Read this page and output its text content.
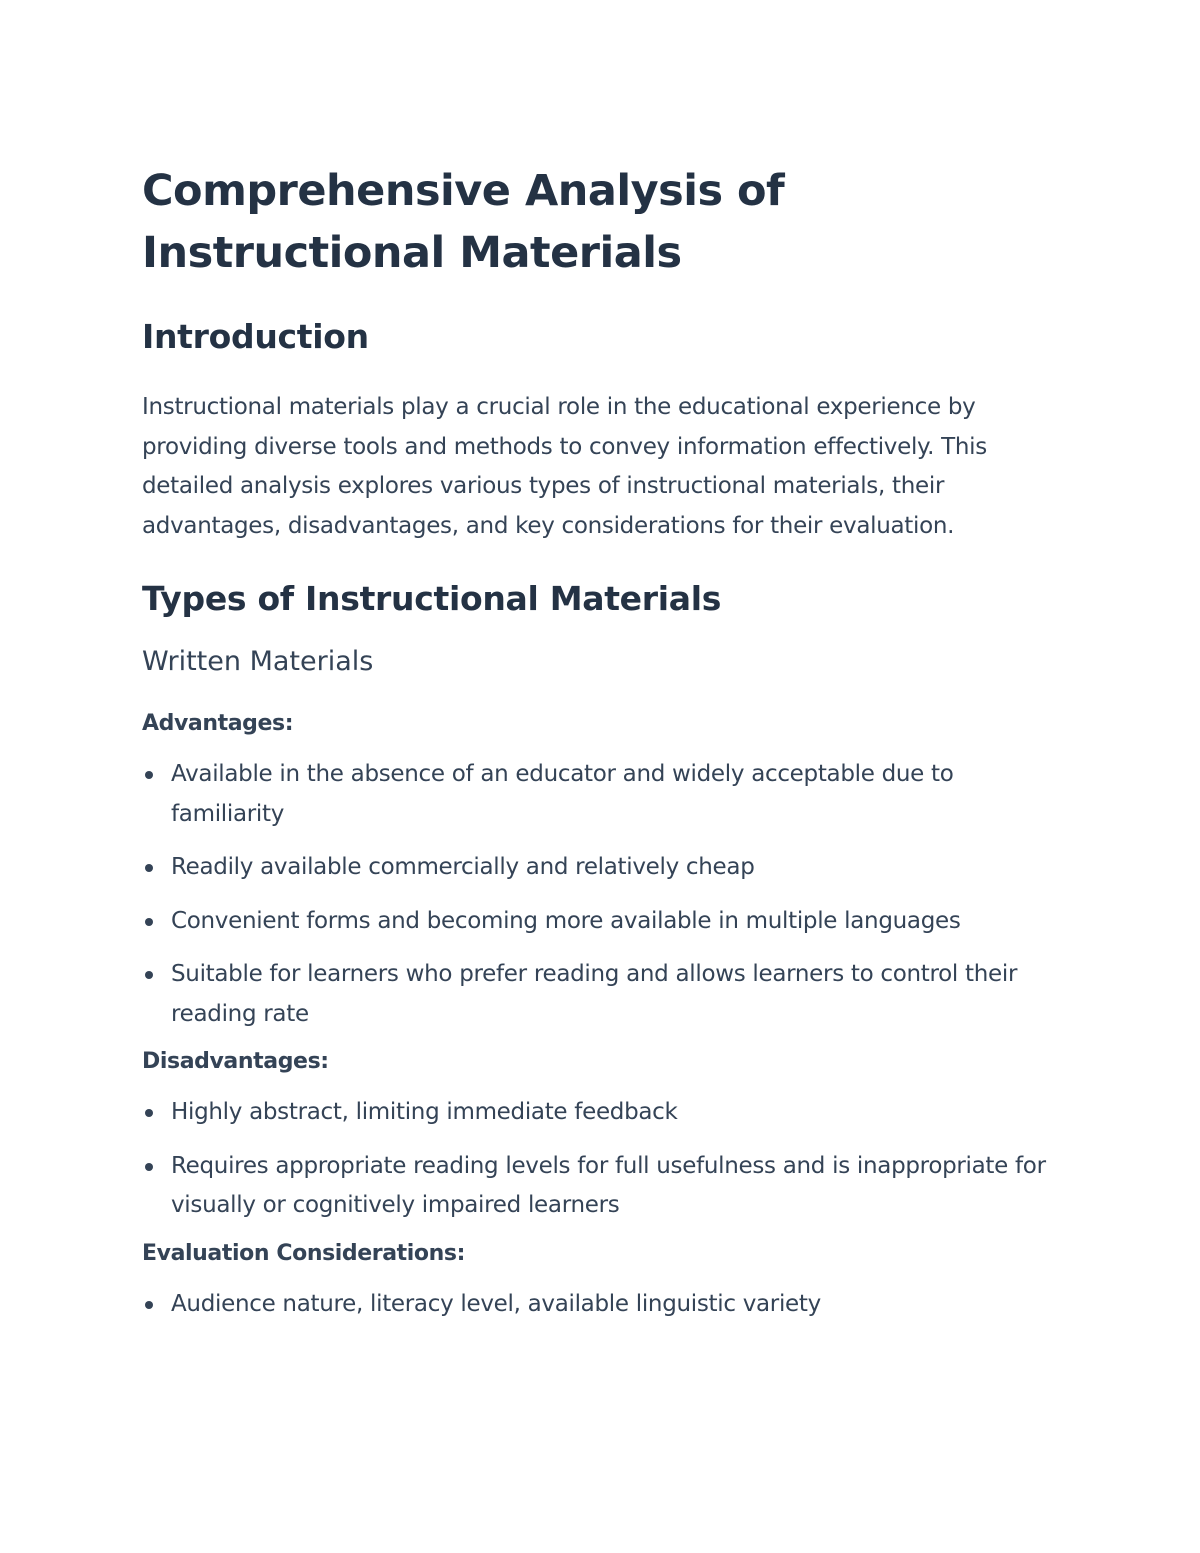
Comprehensive Analysis of Instructional Materials
Introduction

Instructional materials play a crucial role in the educational experience by providing diverse tools and methods to convey information effectively. This detailed analysis explores various types of instructional materials, their advantages, disadvantages, and key considerations for their evaluation.

Types of Instructional Materials
Written Materials

Advantages:

Available in the absence of an educator and widely acceptable due to familiarity
Readily available commercially and relatively cheap
Convenient forms and becoming more available in multiple languages
Suitable for learners who prefer reading and allows learners to control their reading rate

Disadvantages:

Highly abstract, limiting immediate feedback
Requires appropriate reading levels for full usefulness and is inappropriate for visually or cognitively impaired learners

Evaluation Considerations:

Audience nature, literacy level, available linguistic variety
